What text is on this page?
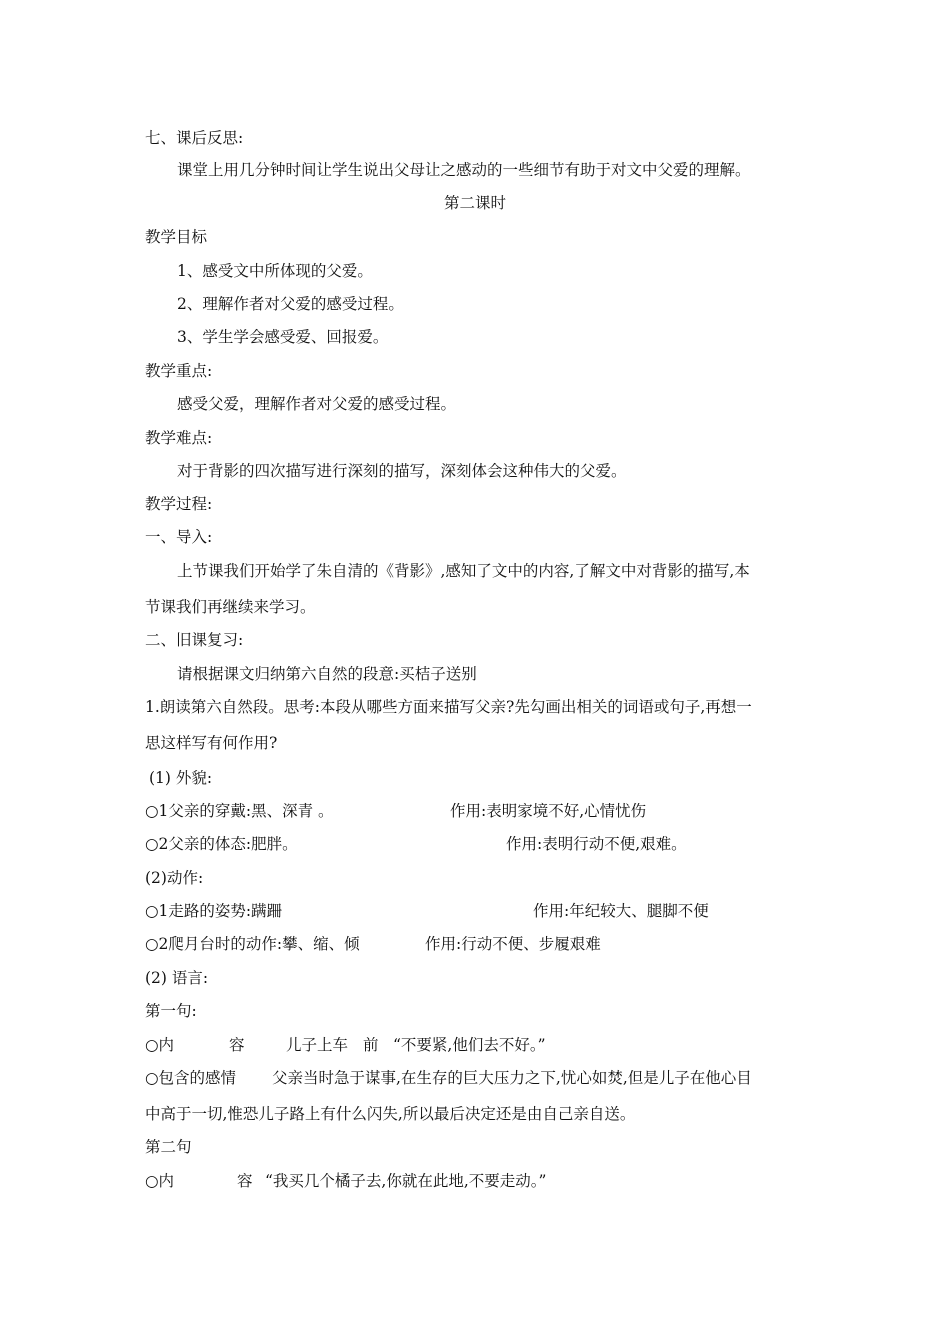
七、课后反思:
课堂上用几分钟时间让学生说出父母让之感动的一些细节有助于对文中父爱的理解。
第二课时
教学目标
1、感受文中所体现的父爱。
2、理解作者对父爱的感受过程。
3、学生学会感受爱、回报爱。
教学重点:
感受父爱，理解作者对父爱的感受过程。
教学难点:
对于背影的四次描写进行深刻的描写，深刻体会这种伟大的父爱。
教学过程:
一、导入:
上节课我们开始学了朱自清的《背影》,感知了文中的内容,了解文中对背影的描写,本
节课我们再继续来学习。
二、旧课复习:
请根据课文归纳第六自然的段意:买桔子送别
1.朗读第六自然段。思考:本段从哪些方面来描写父亲?先勾画出相关的词语或句子,再想一
思这样写有何作用?
(1) 外貌:
○1父亲的穿戴:黑、深青 。	作用:表明家境不好,心情忧伤
○2父亲的体态:肥胖。	作用:表明行动不便,艰难。
(2)动作:
○1走路的姿势:蹒跚	作用:年纪较大、腿脚不便
○2爬月台时的动作:攀、缩、倾	作用:行动不便、步履艰难
(2) 语言:
第一句:
○内	容	儿子上车 前 “不要紧,他们去不好。”
○包含的感情 父亲当时急于谋事,在生存的巨大压力之下,忧心如焚,但是儿子在他心目
中高于一切,惟恐儿子路上有什么闪失,所以最后决定还是由自己亲自送。
第二句
○内	容 “我买几个橘子去,你就在此地,不要走动。”
